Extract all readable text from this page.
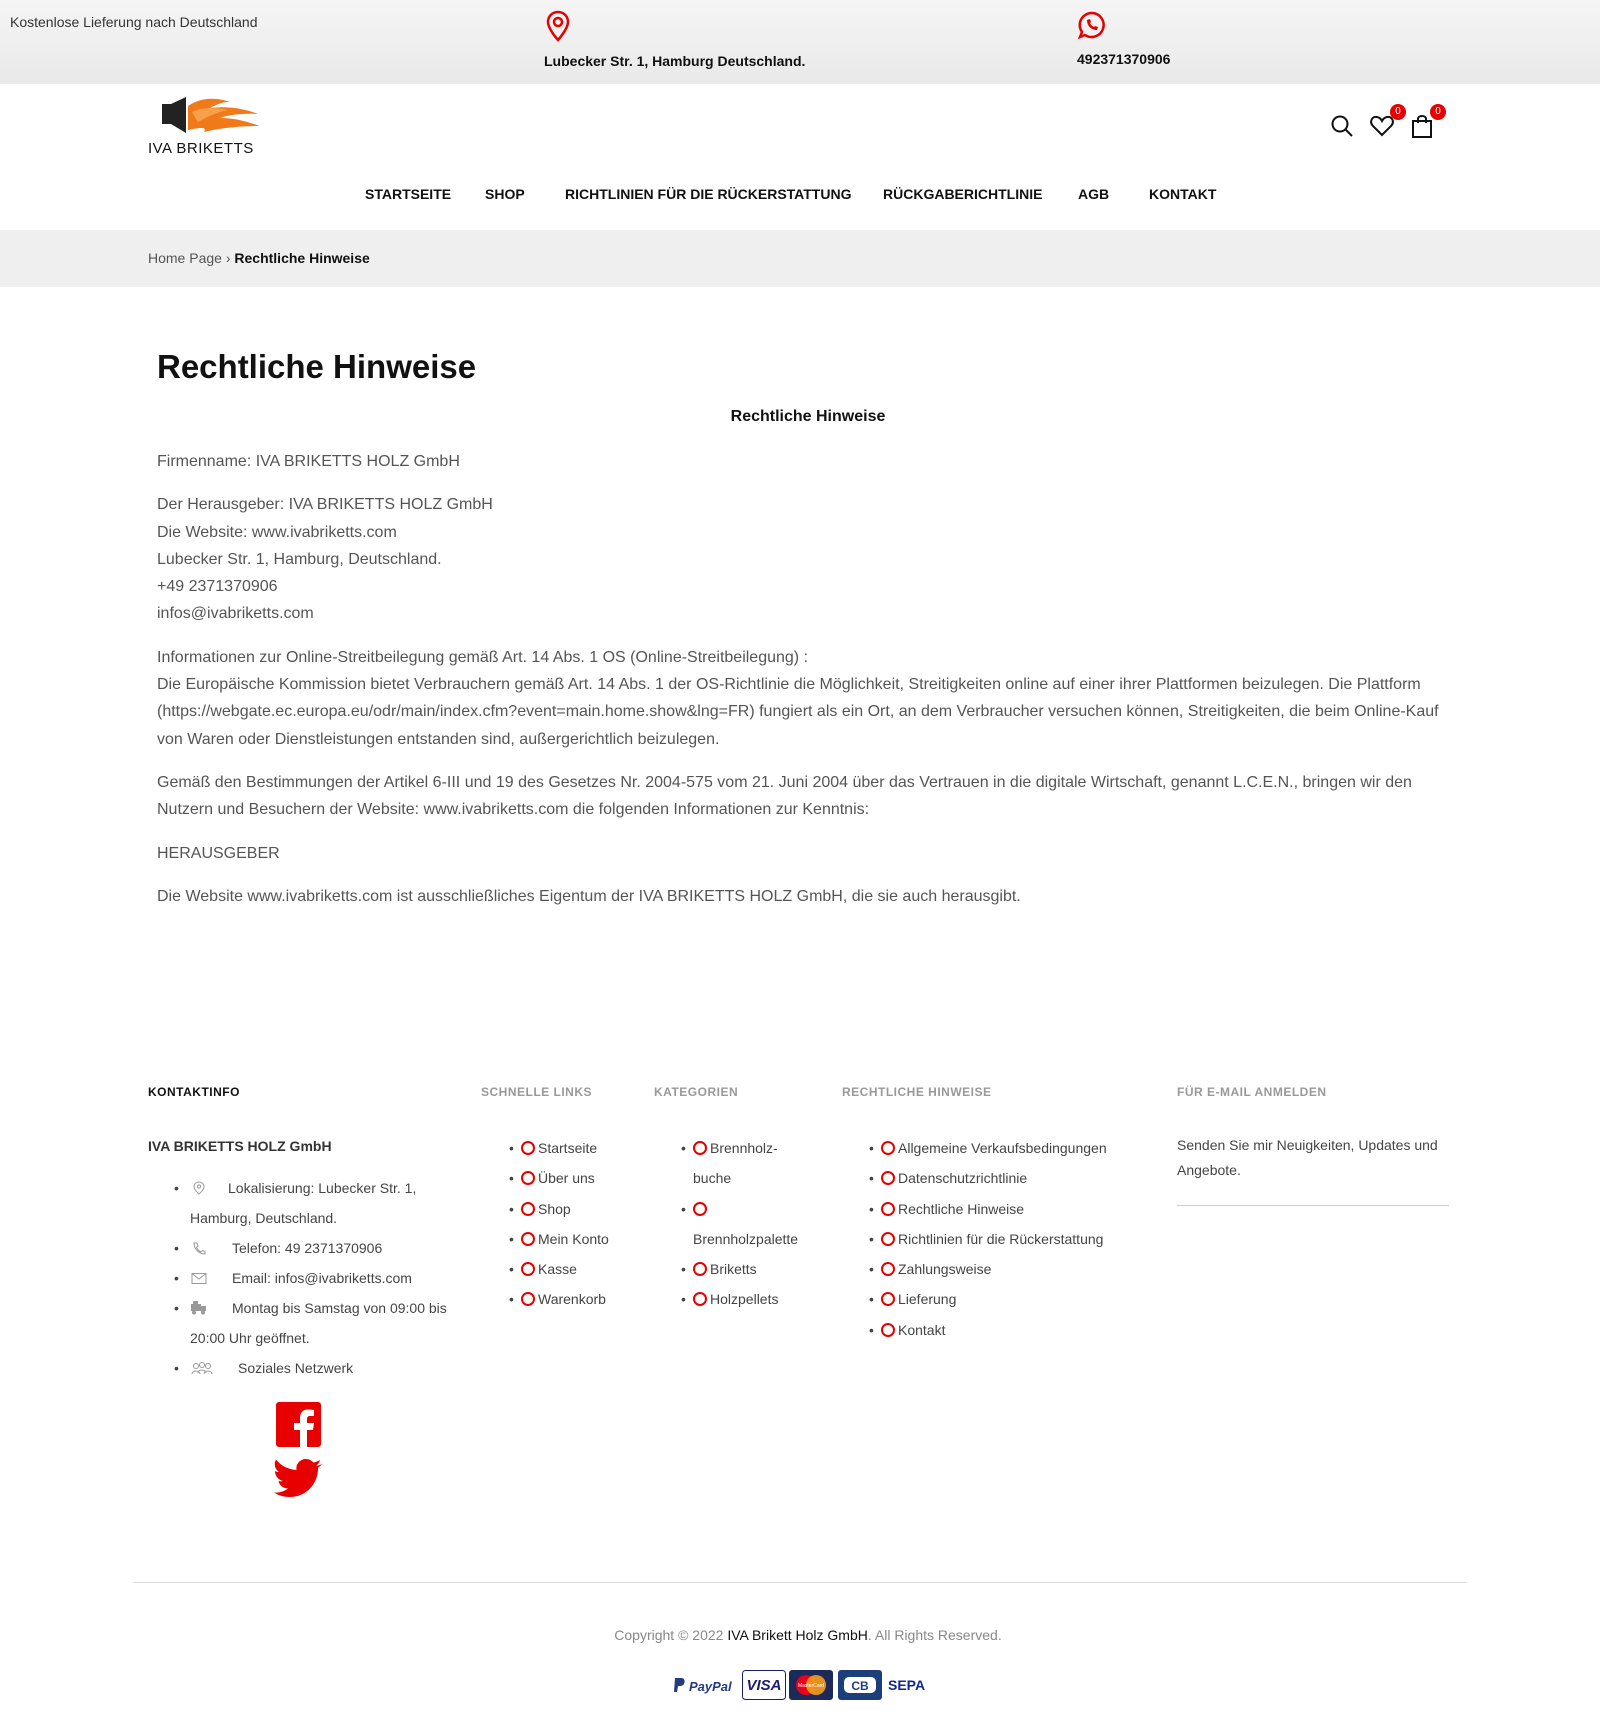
Kostenlose Lieferung nach Deutschland
Lubecker Str. 1, Hamburg Deutschland.	492371370906
IVA BRIKETTS
0	0
STARTSEITE SHOP	RICHTLINIEN FÜR DIE RÜCKERSTATTUNG RÜCKGABERICHTLINIE	AGB	KONTAKT
Home Page › Rechtliche Hinweise
Rechtliche Hinweise
Rechtliche Hinweise

Firmenname: IVA BRIKETTS HOLZ GmbH

Der Herausgeber: IVA BRIKETTS HOLZ GmbH
Die Website: www.ivabriketts.com
Lubecker Str. 1, Hamburg, Deutschland.
+49 2371370906
infos@ivabriketts.com

Informationen zur Online-Streitbeilegung gemäß Art. 14 Abs. 1 OS (Online-Streitbeilegung) :
Die Europäische Kommission bietet Verbrauchern gemäß Art. 14 Abs. 1 der OS-Richtlinie die Möglichkeit, Streitigkeiten online auf einer ihrer Plattformen beizulegen. Die Plattform (https://webgate.ec.europa.eu/odr/main/index.cfm?event=main.home.show&lng=FR) fungiert als ein Ort, an dem Verbraucher versuchen können, Streitigkeiten, die beim Online-Kauf von Waren oder Dienstleistungen entstanden sind, außergerichtlich beizulegen.

Gemäß den Bestimmungen der Artikel 6-III und 19 des Gesetzes Nr. 2004-575 vom 21. Juni 2004 über das Vertrauen in die digitale Wirtschaft, genannt L.C.E.N., bringen wir den Nutzern und Besuchern der Website: www.ivabriketts.com die folgenden Informationen zur Kenntnis:

HERAUSGEBER

Die Website www.ivabriketts.com ist ausschließliches Eigentum der IVA BRIKETTS HOLZ GmbH, die sie auch herausgibt.

KONTAKTINFO	SCHNELLE LINKS	KATEGORIEN	RECHTLICHE HINWEISE	FÜR E-MAIL ANMELDEN
IVA BRIKETTS HOLZ GmbH
• Lokalisierung: Lubecker Str. 1, Hamburg, Deutschland.
• Telefon: 49 2371370906
• Email: infos@ivabriketts.com
• Montag bis Samstag von 09:00 bis 20:00 Uhr geöffnet.
• Soziales Netzwerk
• Startseite
• Über uns
• Shop
• Mein Konto
• Kasse
• Warenkorb
• Brennholz-buche

• Brennholzpalette
• Briketts
• Holzpellets
• Allgemeine Verkaufsbedingungen
• Datenschutzrichtlinie
• Rechtliche Hinweise
• Richtlinien für die Rückerstattung
• Zahlungsweise
• Lieferung
• Kontakt
Senden Sie mir Neuigkeiten, Updates und Angebote.
Copyright © 2022 IVA Brikett Holz GmbH. All Rights Reserved.
PayPal VISA	MasterCard CB SEPA
